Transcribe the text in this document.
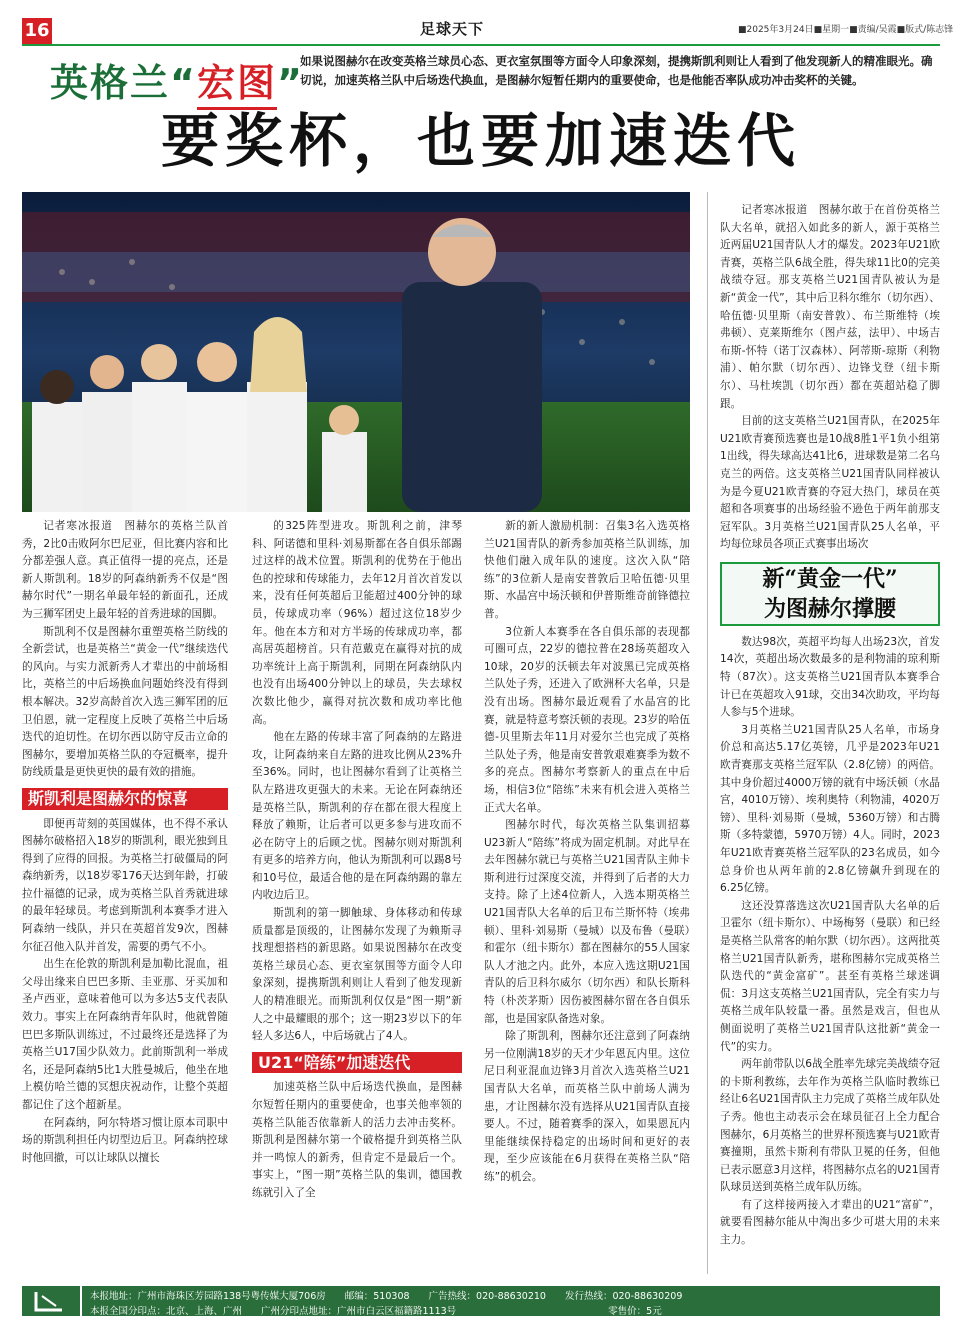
16	足球天下	■2025年3月24日■星期一■责编/吴霞■版式/陈志锋
英格兰“宏图”
如果说图赫尔在改变英格兰球员心态、更衣室氛围等方面令人印象深刻，提携斯凯利则让人看到了他发现新人的精准眼光。确切说，加速英格兰队中后场迭代换血，是图赫尔短暂任期内的重要使命，也是他能否率队成功冲击奖杯的关键。
要奖杯，也要加速迭代

记者寒冰报道　图赫尔的英格兰队首秀，2比0击败阿尔巴尼亚，但比赛内容和比分都差强人意。真正值得一提的亮点，还是新人斯凯利。18岁的阿森纳新秀不仅是“图赫尔时代”一期名单最年轻的新面孔，还成为三狮军团史上最年轻的首秀进球的国脚。

斯凯利不仅是图赫尔重塑英格兰防线的全新尝试，也是英格兰“黄金一代”继续迭代的风向。与实力派新秀人才辈出的中前场相比，英格兰的中后场换血问题始终没有得到根本解决。32岁高龄首次入选三狮军团的厄卫伯恩，就一定程度上反映了英格兰中后场迭代的迫切性。在切尔西以防守反击立命的图赫尔，要增加英格兰队的夺冠概率，提升防线质量是更快更快的最有效的措施。

斯凯利是图赫尔的惊喜

即便再苛刻的英国媒体，也不得不承认图赫尔破格招入18岁的斯凯利，眼光独到且得到了应得的回报。为英格兰打破僵局的阿森纳新秀，以18岁零176天达到年龄，打破拉什福德的记录，成为英格兰队首秀就进球的最年轻球员。考虑到斯凯利本赛季才进入阿森纳一线队，并只在英超首发9次，图赫尔征召他入队并首发，需要的勇气不小。

出生在伦敦的斯凯利是加勒比混血，祖父母出缘来自巴巴多斯、圭亚那、牙买加和圣卢西亚，意味着他可以为多达5支代表队效力。事实上在阿森纳青年队时，他就曾随巴巴多斯队训练过，不过最终还是选择了为英格兰U17国少队效力。此前斯凯利一举成名，还是阿森纳5比1大胜曼城后，他坐在地上模仿哈兰德的冥想庆祝动作，让整个英超都记住了这个超新星。

在阿森纳，阿尔特塔习惯让原本司职中场的斯凯利担任内切型边后卫。阿森纳控球时他回撤，可以让球队以擅长

的325阵型进攻。斯凯利之前，津琴科、阿诺德和里科·刘易斯都在各自俱乐部踢过这样的战术位置。斯凯利的优势在于他出色的控球和传球能力，去年12月首次首发以来，没有任何英超后卫能超过400分钟的球员，传球成功率（96%）超过这位18岁少年。他在本方和对方半场的传球成功率，都高居英超榜首。只有范戴克在赢得对抗的成功率统计上高于斯凯利，同期在阿森纳队内也没有出场400分钟以上的球员，失去球权次数比他少，赢得对抗次数和成功率比他高。

他在左路的传球丰富了阿森纳的左路进攻，让阿森纳来自左路的进攻比例从23%升至36%。同时，也让图赫尔看到了让英格兰队左路进攻更强大的未来。无论在阿森纳还是英格兰队，斯凯利的存在都在很大程度上释放了赖斯，让后者可以更多参与进攻而不必在防守上的后顾之忧。图赫尔则对斯凯利有更多的培养方向，他认为斯凯利可以踢8号和10号位，最适合他的是在阿森纳踢的靠左内收边后卫。

斯凯利的第一脚触球、身体移动和传球质量都是顶级的，让图赫尔发现了为赖斯寻找理想搭档的新思路。如果说图赫尔在改变英格兰球员心态、更衣室氛围等方面令人印象深刻，提携斯凯利则让人看到了他发现新人的精准眼光。而斯凯利仅仅是“图一期”新人之中最耀眼的那个；这一期23岁以下的年轻人多达6人，中后场就占了4人。

U21“陪练”加速迭代

加速英格兰队中后场迭代换血，是图赫尔短暂任期内的重要使命，也事关他率领的英格兰队能否依靠新人的活力去冲击奖杯。斯凯利是图赫尔第一个破格提升到英格兰队并一鸣惊人的新秀，但肯定不是最后一个。事实上，“图一期”英格兰队的集训，德国教练就引入了全

新的新人激励机制：召集3名入选英格兰U21国青队的新秀参加英格兰队训练，加快他们融入成年队的速度。这次入队“陪练”的3位新人是南安普敦后卫哈伍德·贝里斯、水晶宫中场沃顿和伊普斯维奇前锋德拉普。

3位新人本赛季在各自俱乐部的表现都可圈可点，22岁的德拉普在28场英超攻入10球，20岁的沃顿去年对波黑已完成英格兰队处子秀，还进入了欧洲杯大名单，只是没有出场。图赫尔最近观看了水晶宫的比赛，就是特意考察沃顿的表现。23岁的哈伍德-贝里斯去年11月对爱尔兰也完成了英格兰队处子秀，他是南安普敦艰难赛季为数不多的亮点。图赫尔考察新人的重点在中后场，相信3位“陪练”未来有机会进入英格兰正式大名单。

图赫尔时代，每次英格兰队集训招募U23新人“陪练”将成为固定机制。对此早在去年图赫尔就已与英格兰U21国青队主帅卡斯利进行过深度交流，并得到了后者的大力支持。除了上述4位新人，入选本期英格兰U21国青队大名单的后卫布兰斯怀特（埃弗顿）、里科·刘易斯（曼城）以及布鲁（曼联）和霍尔（纽卡斯尔）都在图赫尔的55人国家队人才池之内。此外，本应入选这期U21国青队的后卫科尔威尔（切尔西）和队长斯科特（朴茨茅斯）因伤被图赫尔留在各自俱乐部，也是国家队备选对象。

除了斯凯利，图赫尔还注意到了阿森纳另一位刚满18岁的天才少年恩瓦内里。这位尼日利亚混血边锋3月首次入选英格兰U21国青队大名单，而英格兰队中前场人满为患，才让图赫尔没有选择从U21国青队直接要人。不过，随着赛季的深入，如果恩瓦内里能继续保持稳定的出场时间和更好的表现，至少应该能在6月获得在英格兰队“陪练”的机会。

记者寒冰报道　图赫尔敢于在首份英格兰队大名单，就招入如此多的新人，源于英格兰近两届U21国青队人才的爆发。2023年U21欧青赛，英格兰队6战全胜，得失球11比0的完美战绩夺冠。那支英格兰U21国青队被认为是新“黄金一代”，其中后卫科尔维尔（切尔西）、哈伍德·贝里斯（南安普敦）、布兰斯维特（埃弗顿）、克莱斯维尔（图卢兹，法甲）、中场吉布斯-怀特（诺丁汉森林）、阿蒂斯-琼斯（利物浦）、帕尔默（切尔西）、边锋戈登（纽卡斯尔）、马杜埃凯（切尔西）都在英超站稳了脚跟。

目前的这支英格兰U21国青队，在2025年U21欧青赛预选赛也是10战8胜1平1负小组第1出线，得失球高达41比6，进球数是第二名乌克兰的两倍。这支英格兰U21国青队同样被认为是今夏U21欧青赛的夺冠大热门，球员在英超和各项赛事的出场经验不逊色于两年前那支冠军队。3月英格兰U21国青队25人名单，平均每位球员各项正式赛事出场次

新“黄金一代”
为图赫尔撑腰

数达98次，英超平均每人出场23次，首发14次，英超出场次数最多的是利物浦的琼利斯特（87次）。这支英格兰U21国青队本赛季合计已在英超攻入91球，交出34次助攻，平均每人参与5个进球。

3月英格兰U21国青队25人名单，市场身价总和高达5.17亿英镑，几乎是2023年U21欧青赛那支英格兰冠军队（2.8亿镑）的两倍。其中身价超过4000万镑的就有中场沃顿（水晶宫，4010万镑）、埃利奥特（利物浦，4020万镑）、里科·刘易斯（曼城，5360万镑）和古腾斯（多特蒙德，5970万镑）4人。同时，2023年U21欧青赛英格兰冠军队的23名成员，如今总身价也从两年前的2.8亿镑飙升到现在的6.25亿镑。

这还没算落选这次U21国青队大名单的后卫霍尔（纽卡斯尔）、中场梅努（曼联）和已经是英格兰队常客的帕尔默（切尔西）。这两批英格兰U21国青队新秀，堪称图赫尔完成英格兰队迭代的“黄金富矿”。甚至有英格兰球迷调侃：3月这支英格兰U21国青队，完全有实力与英格兰成年队较量一番。虽然是戏言，但也从侧面说明了英格兰U21国青队这批新“黄金一代”的实力。

两年前带队以6战全胜率先球完美战绩夺冠的卡斯利教练，去年作为英格兰队临时教练已经让6名U21国青队主力完成了英格兰成年队处子秀。他也主动表示会在球员征召上全力配合图赫尔，6月英格兰的世界杯预选赛与U21欧青赛撞期，虽然卡斯利有带队卫冕的任务，但他已表示愿意3月这样，将图赫尔点名的U21国青队球员送到英格兰成年队历练。

有了这样接两接入才辈出的U21“富矿”，就要看图赫尔能从中淘出多少可堪大用的未来主力。

本报地址：广州市海珠区芳园路138号粤传媒大厦706房　　邮编：510308　　广告热线：020-88630210　　发行热线：020-88630209
本报全国分印点：北京、上海、广州　　广州分印点地址：广州市白云区福籍路1113号　　　　　　　　　　　　　　　　零售价：5元
